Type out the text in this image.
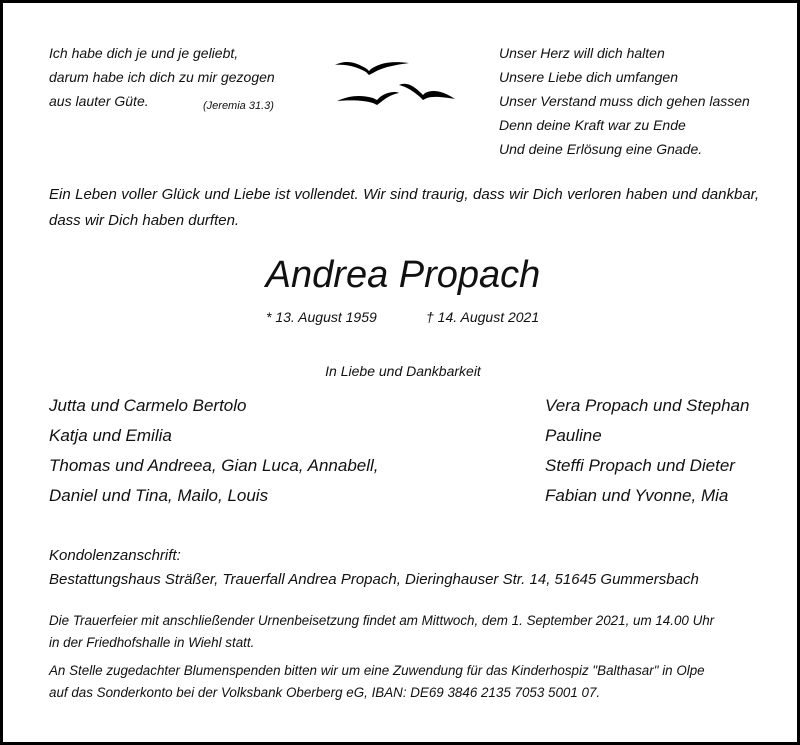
Ich habe dich je und je geliebt,
darum habe ich dich zu mir gezogen
aus lauter Güte.	(Jeremia 31.3)
Unser Herz will dich halten
Unsere Liebe dich umfangen
Unser Verstand muss dich gehen lassen
Denn deine Kraft war zu Ende
Und deine Erlösung eine Gnade.
Ein Leben voller Glück und Liebe ist vollendet. Wir sind traurig, dass wir Dich verloren haben und dankbar, dass wir Dich haben durften.
Andrea Propach
* 13. August 1959	† 14. August 2021
In Liebe und Dankbarkeit
Jutta und Carmelo Bertolo
Katja und Emilia
Thomas und Andreea, Gian Luca, Annabell,
Daniel und Tina, Mailo, Louis
Vera Propach und Stephan
Pauline
Steffi Propach und Dieter
Fabian und Yvonne, Mia
Kondolenzanschrift:
Bestattungshaus Sträßer, Trauerfall Andrea Propach, Dieringhauser Str. 14, 51645 Gummersbach
Die Trauerfeier mit anschließender Urnenbeisetzung findet am Mittwoch, dem 1. September 2021, um 14.00 Uhr
in der Friedhofshalle in Wiehl statt.
An Stelle zugedachter Blumenspenden bitten wir um eine Zuwendung für das Kinderhospiz "Balthasar" in Olpe
auf das Sonderkonto bei der Volksbank Oberberg eG, IBAN: DE69 3846 2135 7053 5001 07.
